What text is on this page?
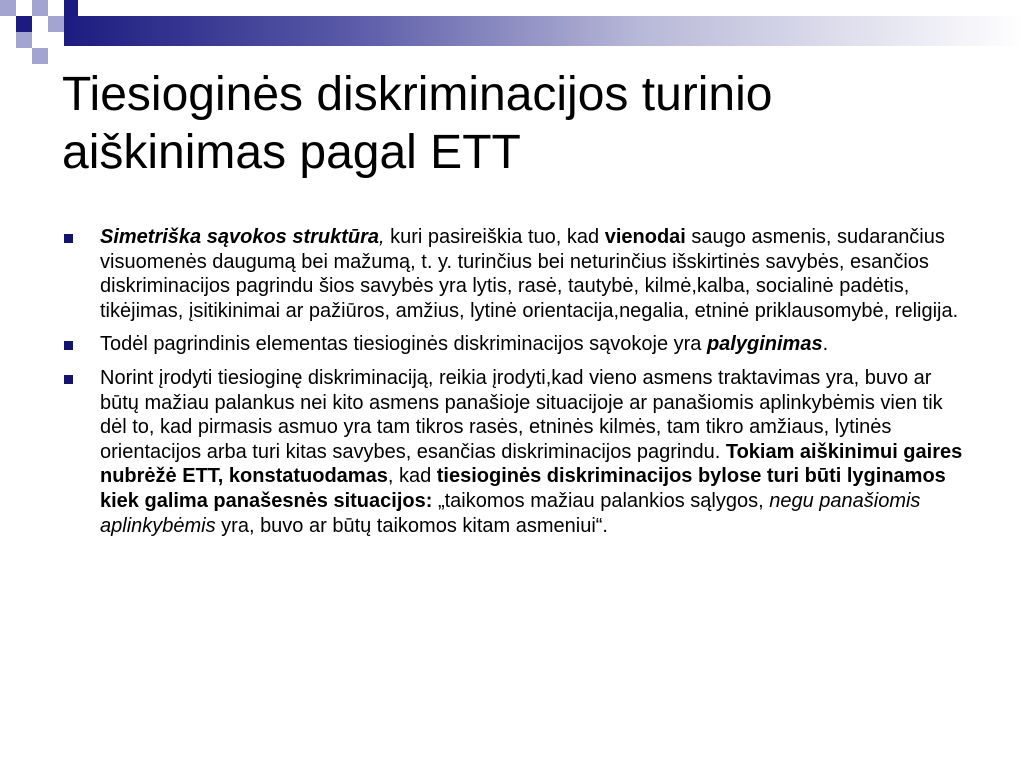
Tiesioginės diskriminacijos turinio
aiškinimas pagal ETT
Simetriška sąvokos struktūra, kuri pasireiškia tuo, kad vienodai saugo asmenis, sudarančius visuomenės daugumą bei mažumą, t. y. turinčius bei neturinčius išskirtinės savybės, esančios diskriminacijos pagrindu šios savybės yra lytis, rasė, tautybė, kilmė,kalba, socialinė padėtis, tikėjimas, įsitikinimai ar pažiūros, amžius, lytinė orientacija,negalia, etninė priklausomybė, religija.
Todėl pagrindinis elementas tiesioginės diskriminacijos sąvokoje yra palyginimas.
Norint įrodyti tiesioginę diskriminaciją, reikia įrodyti,kad vieno asmens traktavimas yra, buvo ar būtų mažiau palankus nei kito asmens panašioje situacijoje ar panašiomis aplinkybėmis vien tik dėl to, kad pirmasis asmuo yra tam tikros rasės, etninės kilmės, tam tikro amžiaus, lytinės orientacijos arba turi kitas savybes, esančias diskriminacijos pagrindu. Tokiam aiškinimui gaires nubrėžė ETT, konstatuodamas, kad tiesioginės diskriminacijos bylose turi būti lyginamos kiek galima panašesnės situacijos: „taikomos mažiau palankios sąlygos, negu panašiomis aplinkybėmis yra, buvo ar būtų taikomos kitam asmeniui“.
